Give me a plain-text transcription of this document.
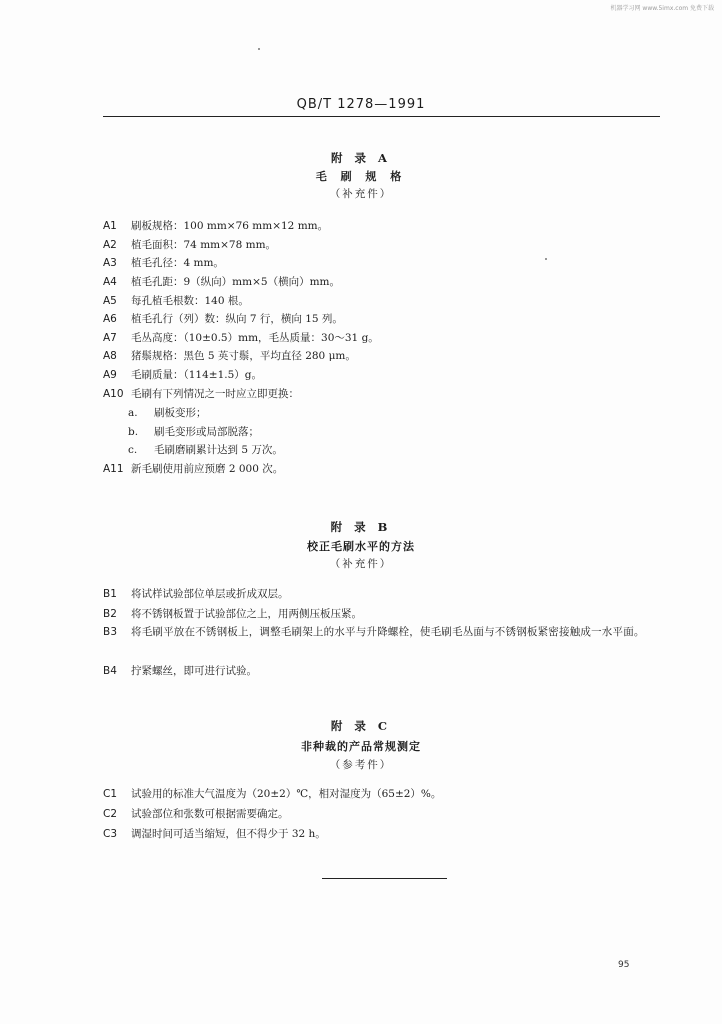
机器学习网 www.5imx.com 免费下载
QB/T 1278—1991
附 录 A
毛 刷 规 格
（补充件）
A1 刷板规格：100 mm×76 mm×12 mm。
A2 植毛面积：74 mm×78 mm。
A3 植毛孔径：4 mm。
A4 植毛孔距：9（纵向）mm×5（横向）mm。
A5 每孔植毛根数：140 根。
A6 植毛孔行（列）数：纵向 7 行，横向 15 列。
A7 毛丛高度：（10±0.5）mm，毛丛质量：30～31 g。
A8 猪鬃规格：黑色 5 英寸鬃，平均直径 280 μm。
A9 毛刷质量：（114±1.5）g。
A10 毛刷有下列情况之一时应立即更换：
a. 刷板变形；
b. 刷毛变形或局部脱落；
c. 毛刷磨刷累计达到 5 万次。
A11 新毛刷使用前应预磨 2 000 次。
附 录 B
校正毛刷水平的方法
（补充件）
B1 将试样试验部位单层或折成双层。
B2 将不锈钢板置于试验部位之上，用两侧压板压紧。
B3 将毛刷平放在不锈钢板上，调整毛刷架上的水平与升降螺栓，使毛刷毛丛面与不锈钢板紧密接触成一水平面。
B4 拧紧螺丝，即可进行试验。
附 录 C
非种裁的产品常规测定
（参考件）
C1 试验用的标准大气温度为（20±2）℃，相对湿度为（65±2）%。
C2 试验部位和张数可根据需要确定。
C3 调湿时间可适当缩短，但不得少于 32 h。
95
